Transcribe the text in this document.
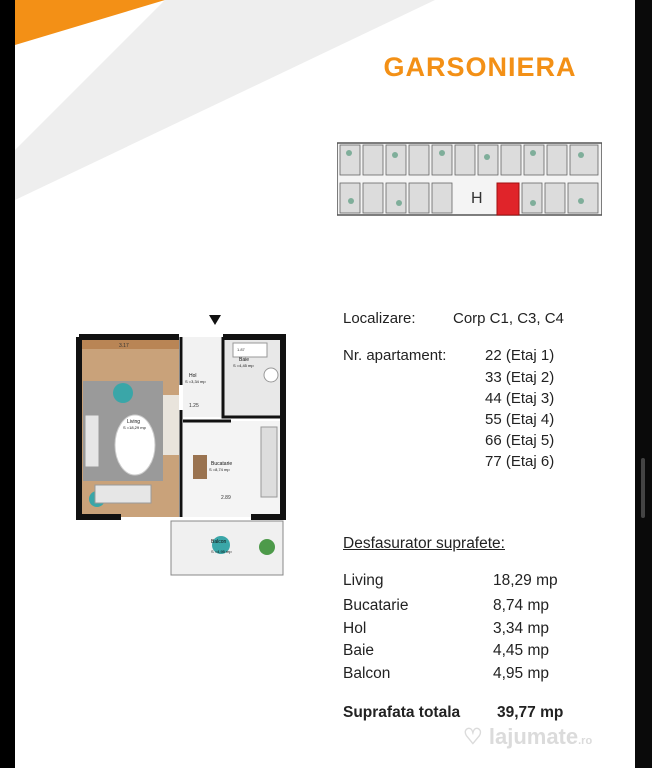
GARSONIERA
H
3.17
Living
S =18,29 mp
Hol
S =3,34 mp
1.25
Baie
S =4,45 mp
1.87
Bucatarie
S =8,74 mp
2.89
Balcon
S =4,95 mp
Localizare: Corp C1, C3, C4
Nr. apartament:	22 (Etaj 1)
33 (Etaj 2)
44 (Etaj 3)
55 (Etaj 4)
66 (Etaj 5)
77 (Etaj 6)
Desfasurator suprafete:
Living	18,29 mp
Bucatarie	8,74 mp
Hol	3,34 mp
Baie	4,45 mp
Balcon	4,95 mp
Suprafata totala 39,77 mp
♡ lajumate.ro
